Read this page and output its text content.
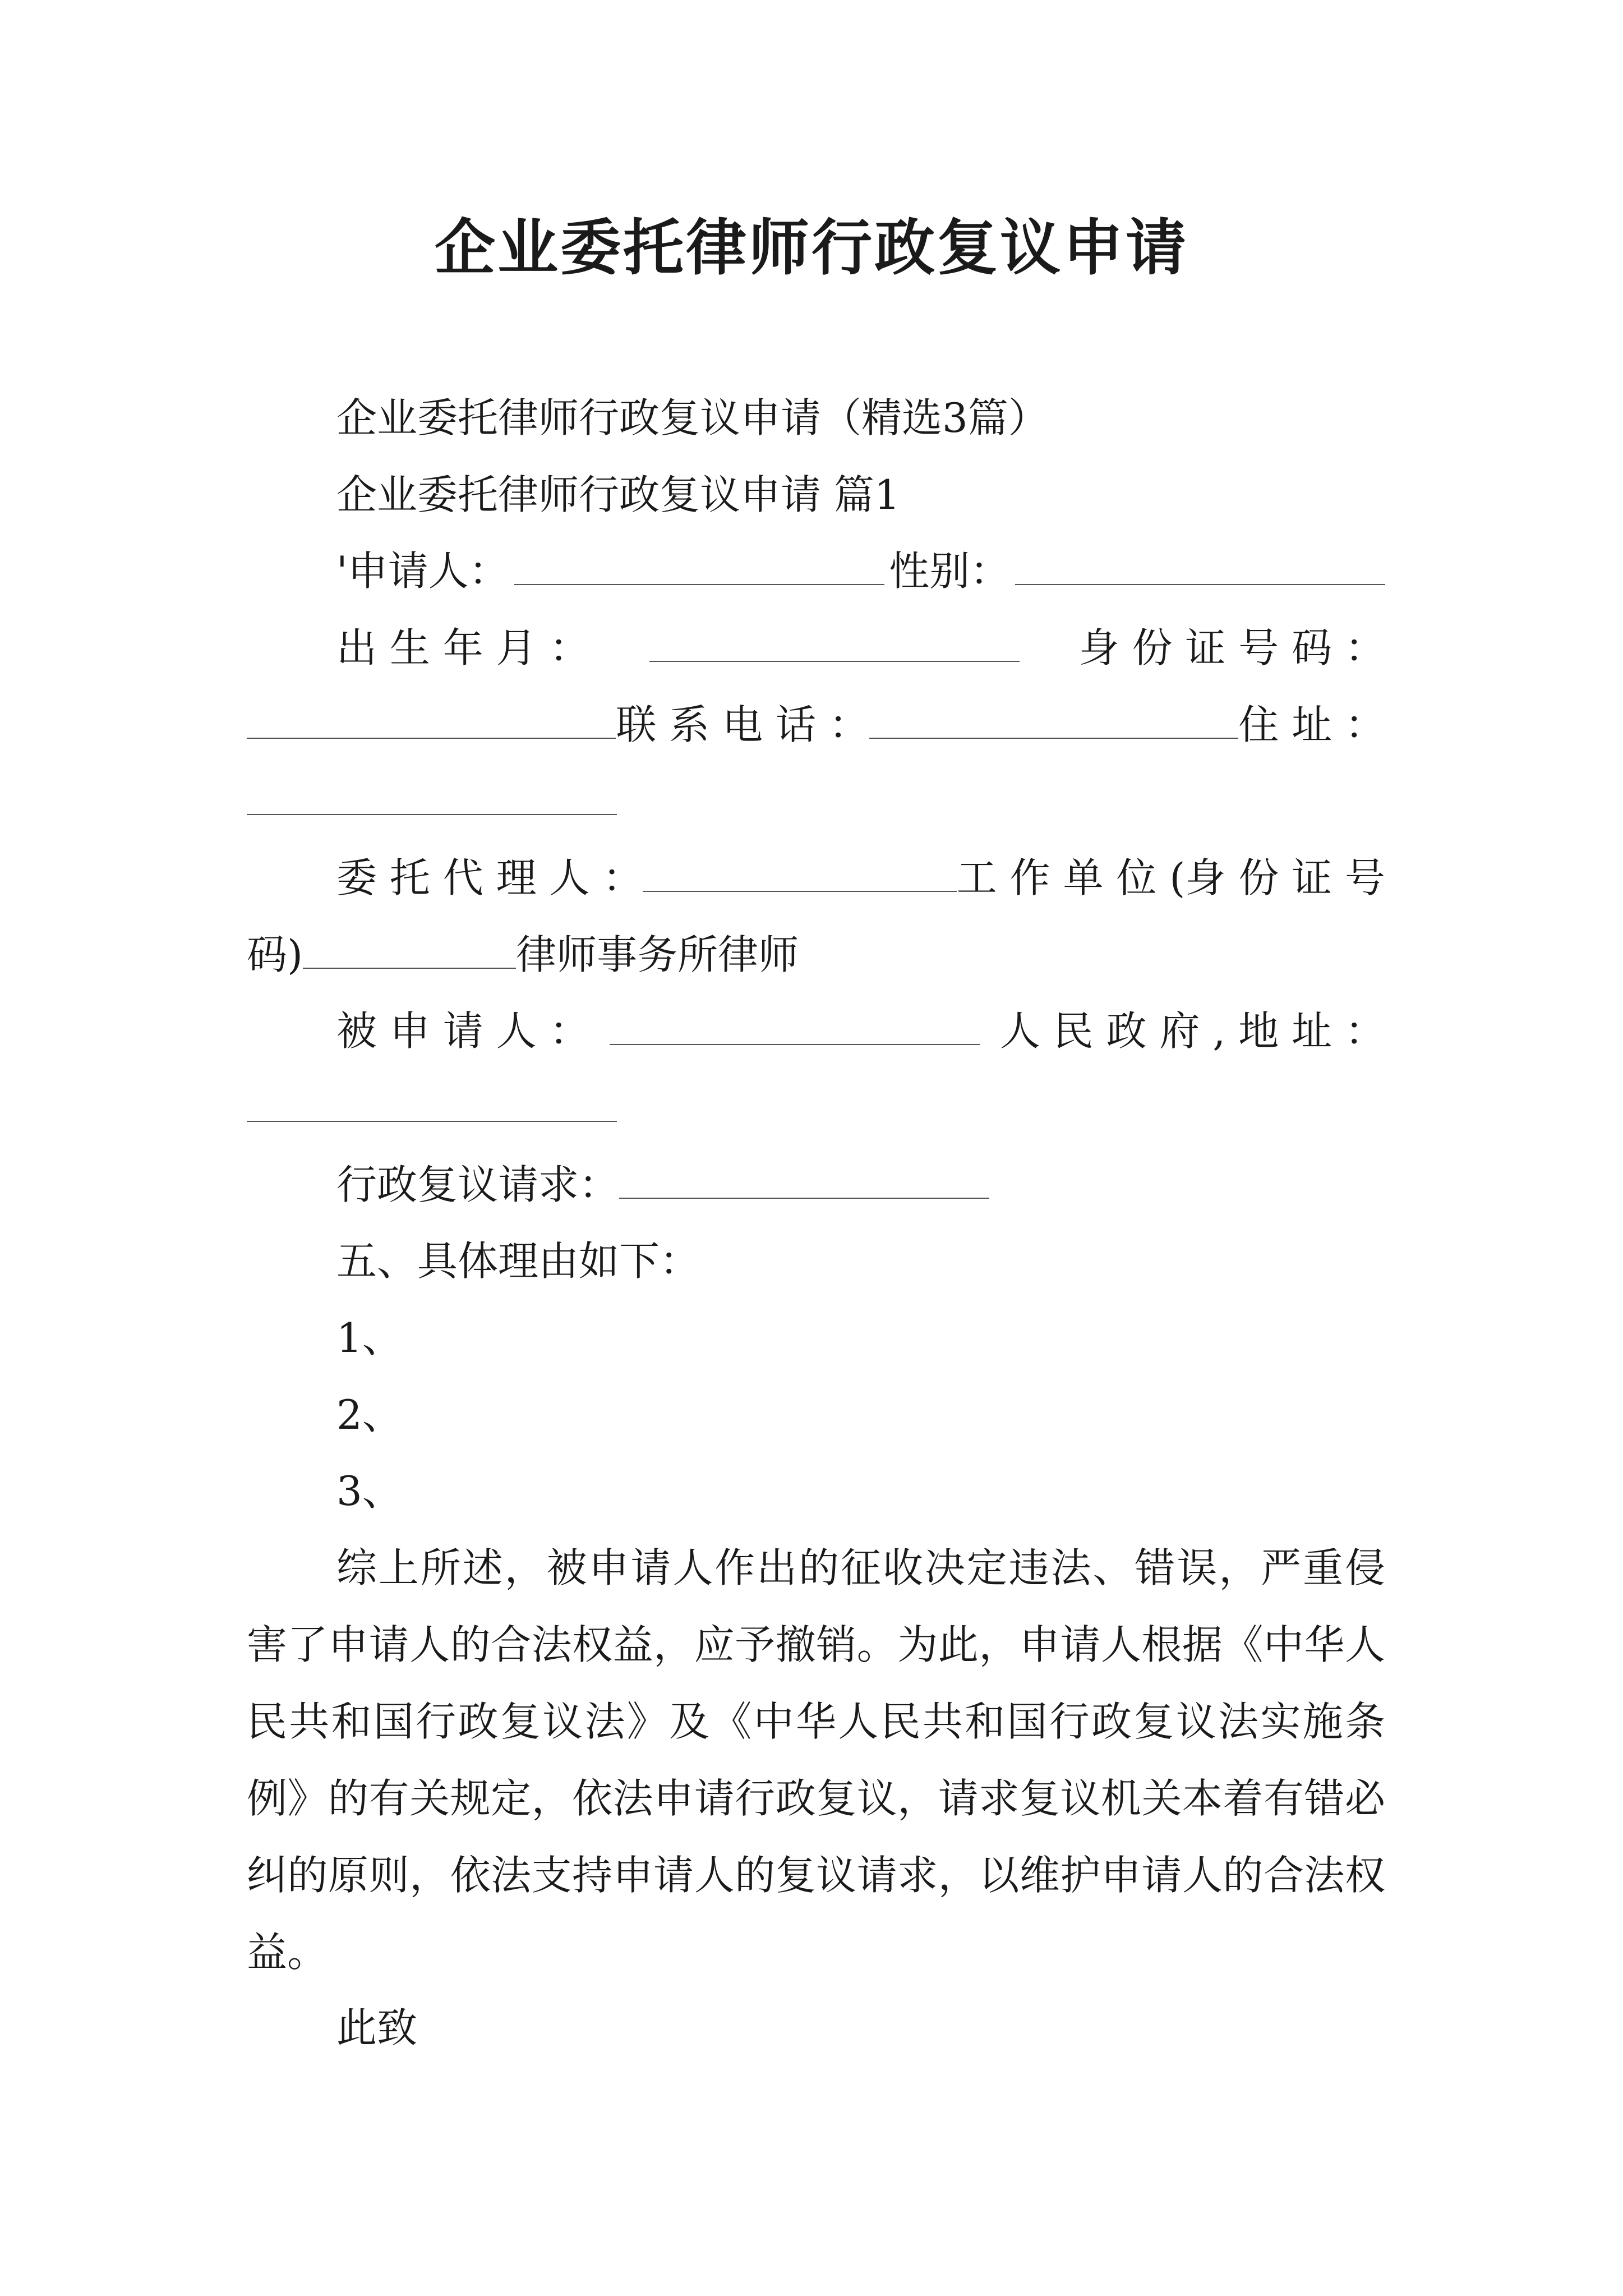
企业委托律师行政复议申请
企业委托律师行政复议申请（精选3篇）
企业委托律师行政复议申请 篇1
'申请人：	性别：
出 生 年 月 ：	身 份 证 号 码 ：
联 系 电 话 ：	住 址 ：
委 托 代 理 人 ：	工 作 单 位 (身 份 证 号
码)	律师事务所律师
被 申 请 人 ：	人 民 政 府 , 地 址 ：
行政复议请求：
五、具体理由如下：
1、
2、
3、
综上所述，被申请人作出的征收决定违法、错误，严重侵害了申请人的合法权益，应予撤销。为此，申请人根据《中华人民共和国行政复议法》及《中华人民共和国行政复议法实施条例》的有关规定，依法申请行政复议，请求复议机关本着有错必纠的原则，依法支持申请人的复议请求，以维护申请人的合法权益。
此致
